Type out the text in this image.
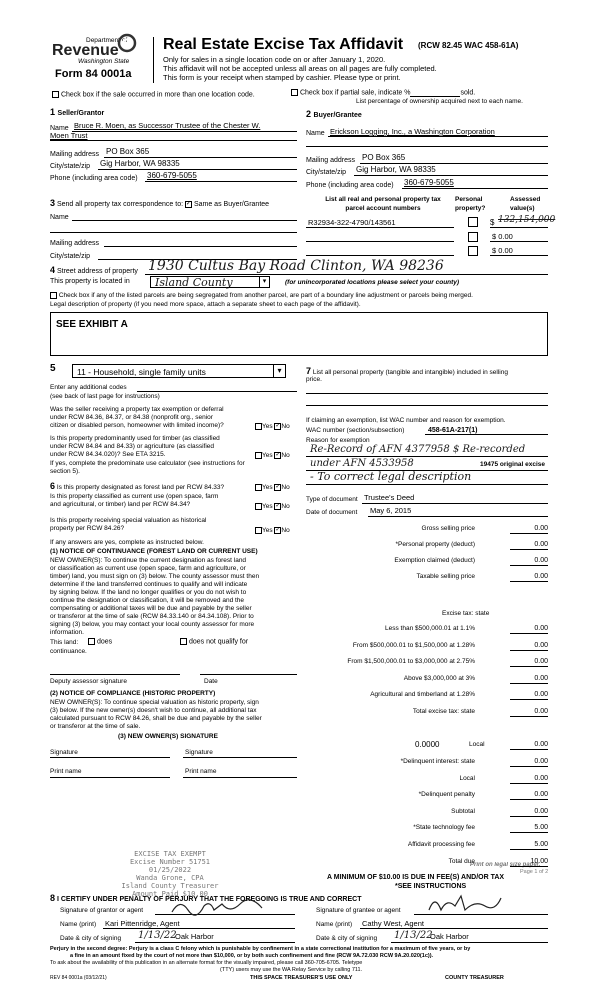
Department of
Revenue
Washington State
Form 84 0001a
Real Estate Excise Tax Affidavit (RCW 82.45 WAC 458-61A)
Only for sales in a single location code on or after January 1, 2020.
This affidavit will not be accepted unless all areas on all pages are fully completed.
This form is your receipt when stamped by cashier. Please type or print.
Check box if the sale occurred in more than one location code.	Check box if partial sale, indicate %	sold.
List percentage of ownership acquired next to each name.
1 Seller/Grantor
Name Bruce R. Moen, as Successor Trustee of the Chester W.
Moen Trust
Mailing address PO Box 365
City/state/zip Gig Harbor, WA 98335
Phone (including area code) 360-679-5055
2 Buyer/Grantee
Name Erickson Logging, Inc., a Washington Corporation
Mailing address PO Box 365
City/state/zip Gig Harbor, WA 98335
Phone (including area code) 360-679-5055
3 Send all property tax correspondence to: ✓ Same as Buyer/Grantee
Name
Mailing address
City/state/zip
List all real and personal property tax
parcel account numbers
Personal
property?
Assessed
value(s)
R32934-322-4790/143561	$ 132,154,000
$ 0.00
$ 0.00
4 Street address of property 1930 Cultus Bay Road Clinton, WA 98236
This property is located in Island County	▾	(for unincorporated locations please select your county)
Check box if any of the listed parcels are being segregated from another parcel, are part of a boundary line adjustment or parcels being merged.
Legal description of property (if you need more space, attach a separate sheet to each page of the affidavit).
SEE EXHIBIT A
5	11 - Household, single family units	▾
Enter any additional codes
(see back of last page for instructions)
Was the seller receiving a property tax exemption or deferral
under RCW 84.36, 84.37, or 84.38 (nonprofit org., senior
citizen or disabled person, homeowner with limited income)?	Yes ✓No
Is this property predominantly used for timber (as classified
under RCW 84.84 and 84.33) or agriculture (as classified
under RCW 84.34.020)? See ETA 3215.	Yes ✓No
If yes, complete the predominate use calculator (see instructions for
section 5).
6 Is this property designated as forest land per RCW 84.33?	Yes ✓No
Is this property classified as current use (open space, farm
and agricultural, or timber) land per RCW 84.34?	Yes ✓No
Is this property receiving special valuation as historical
property per RCW 84.26?	Yes ✓No
If any answers are yes, complete as instructed below.
(1) NOTICE OF CONTINUANCE (FOREST LAND OR CURRENT USE)
NEW OWNER(S): To continue the current designation as forest land
or classification as current use (open space, farm and agriculture, or
timber) land, you must sign on (3) below. The county assessor must then
determine if the land transferred continues to qualify and will indicate
by signing below. If the land no longer qualifies or you do not wish to
continue the designation or classification, it will be removed and the
compensating or additional taxes will be due and payable by the seller
or transferor at the time of sale (RCW 84.33.140 or 84.34.108). Prior to
signing (3) below, you may contact your local county assessor for more
information.
This land:	does	does not qualify for
continuance.
Deputy assessor signature	Date
(2) NOTICE OF COMPLIANCE (HISTORIC PROPERTY)
NEW OWNER(S): To continue special valuation as historic property, sign
(3) below. If the new owner(s) doesn't wish to continue, all additional tax
calculated pursuant to RCW 84.26, shall be due and payable by the seller
or transferor at the time of sale.
(3) NEW OWNER(S) SIGNATURE
Signature	Signature
Print name	Print name
7 List all personal property (tangible and intangible) included in selling
price.
If claiming an exemption, list WAC number and reason for exemption.
WAC number (section/subsection)	458-61A-217(1)
Reason for exemption
Re-Record of AFN 4377958 $ Re-recorded
under AFN 4533958	19475 original excise
- To correct legal description
Type of document Trustee's Deed
Date of document May 6, 2015
Gross selling price	0.00
*Personal property (deduct)	0.00
Exemption claimed (deduct)	0.00
Taxable selling price	0.00
Less than $500,000.01 at 1.1%	0.00
From $500,000.01 to $1,500,000 at 1.28%	0.00
From $1,500,000.01 to $3,000,000 at 2.75%	0.00
Above $3,000,000 at 3%	0.00
Agricultural and timberland at 1.28%	0.00
Total excise tax: state	0.00
*Delinquent interest: state	0.00
Local	0.00
*Delinquent penalty	0.00
Subtotal	0.00
*State technology fee	5.00
Affidavit processing fee	5.00
Total due	10.00
Excise tax: state
0.0000	Local	0.00
A MINIMUM OF $10.00 IS DUE IN FEE(S) AND/OR TAX
*SEE INSTRUCTIONS
8 I CERTIFY UNDER PENALTY OF PERJURY THAT THE FOREGOING IS TRUE AND CORRECT
Signature of grantor or agent
Name (print) Kari Pittenridge, Agent
Date & city of signing 1/13/22
Oak Harbor
Signature of grantee or agent
Name (print) Cathy West, Agent
Date & city of signing 1/13/22
Oak Harbor
Perjury in the second degree: Perjury is a class C felony which is punishable by confinement in a state correctional institution for a maximum of five years, or by
a fine in an amount fixed by the court of not more than $10,000, or by both such confinement and fine (RCW 9A.72.030 RCW 9A.20.020(1c)).
To ask about the availability of this publication in an alternate format for the visually impaired, please call 360-705-6705. Teletype
(TTY) users may use the WA Relay Service by calling 711.
REV 84 0001a (03/12/21)	THIS SPACE TREASURER'S USE ONLY	COUNTY TREASURER
EXCISE TAX EXEMPT
Excise Number 51751
01/25/2022
Wanda Grone, CPA
Island County Treasurer
Amount Paid $10.00
Print on legal size paper.
Page 1 of 2
